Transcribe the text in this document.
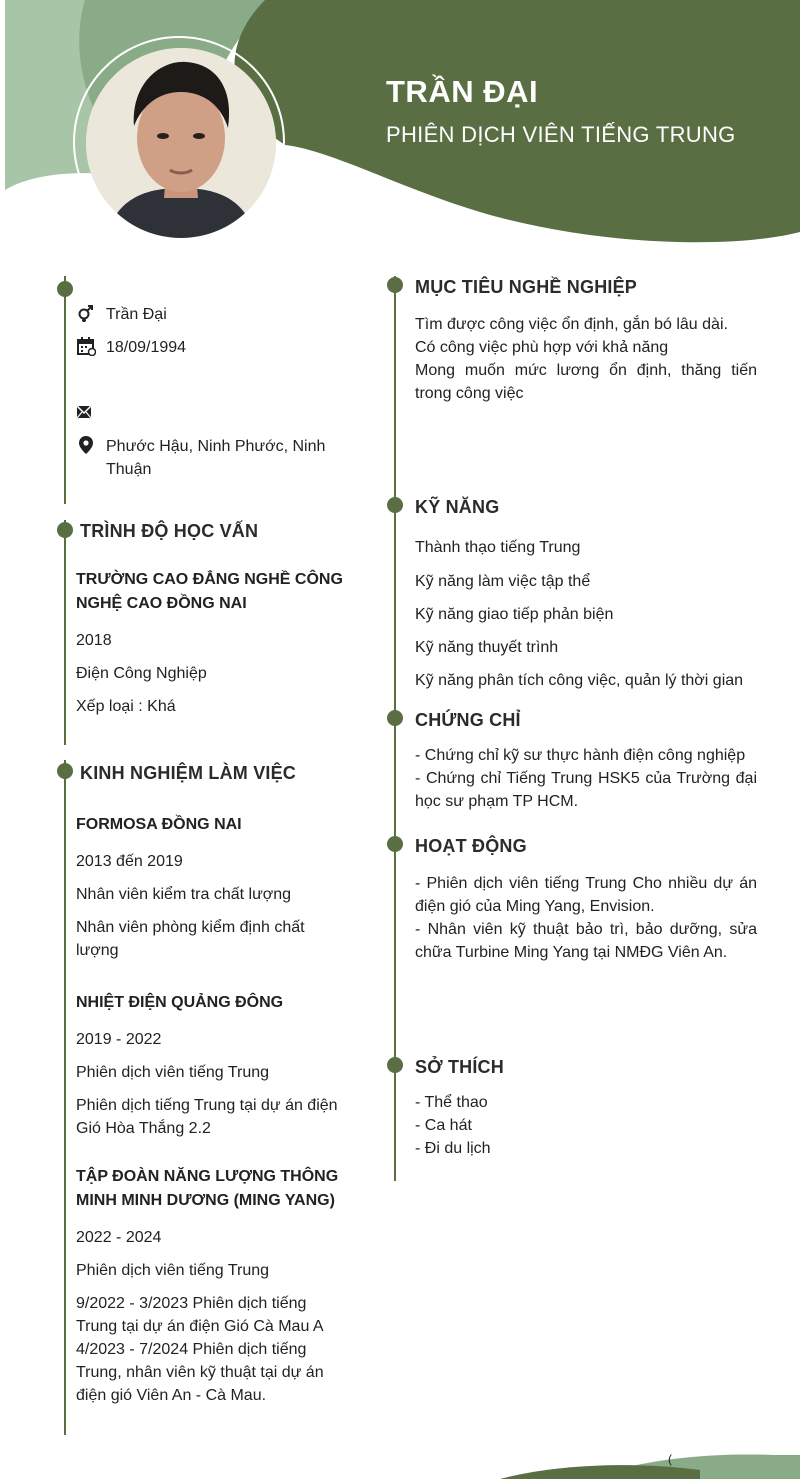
TRẦN ĐẠI
PHIÊN DỊCH VIÊN TIẾNG TRUNG
Trần Đại
18/09/1994
Phước Hậu, Ninh Phước, Ninh
Thuận
TRÌNH ĐỘ HỌC VẤN
TRƯỜNG CAO ĐẲNG NGHỀ CÔNG
NGHỆ CAO ĐỒNG NAI
2018
Điện Công Nghiệp
Xếp loại : Khá
KINH NGHIỆM LÀM VIỆC
FORMOSA ĐỒNG NAI
2013 đến 2019
Nhân viên kiểm tra chất lượng
Nhân viên phòng kiểm định chất
lượng
NHIỆT ĐIỆN QUẢNG ĐÔNG
2019 - 2022
Phiên dịch viên tiếng Trung
Phiên dịch tiếng Trung tại dự án điện
Gió Hòa Thắng 2.2
TẬP ĐOÀN NĂNG LƯỢNG THÔNG
MINH MINH DƯƠNG (MING YANG)
2022 - 2024
Phiên dịch viên tiếng Trung
9/2022 - 3/2023 Phiên dịch tiếng
Trung tại dự án điện Gió Cà Mau A
4/2023 - 7/2024 Phiên dịch tiếng
Trung, nhân viên kỹ thuật tại dự án
điện gió Viên An - Cà Mau.
MỤC TIÊU NGHỀ NGHIỆP
Tìm được công việc ổn định, gắn bó lâu dài.
Có công việc phù hợp với khả năng
Mong muốn mức lương ổn định, thăng tiến trong công việc
KỸ NĂNG
Thành thạo tiếng Trung
Kỹ năng làm việc tập thể
Kỹ năng giao tiếp phản biện
Kỹ năng thuyết trình
Kỹ năng phân tích công việc, quản lý thời gian
CHỨNG CHỈ
- Chứng chỉ kỹ sư thực hành điện công nghiệp
- Chứng chỉ Tiếng Trung HSK5 của Trường đại học sư phạm TP HCM.
HOẠT ĐỘNG
- Phiên dịch viên tiếng Trung Cho nhiều dự án điện gió của Ming Yang, Envision.
- Nhân viên kỹ thuật bảo trì, bảo dưỡng, sửa chữa Turbine Ming Yang tại NMĐG Viên An.
SỞ THÍCH
- Thể thao
- Ca hát
- Đi du lịch
(
